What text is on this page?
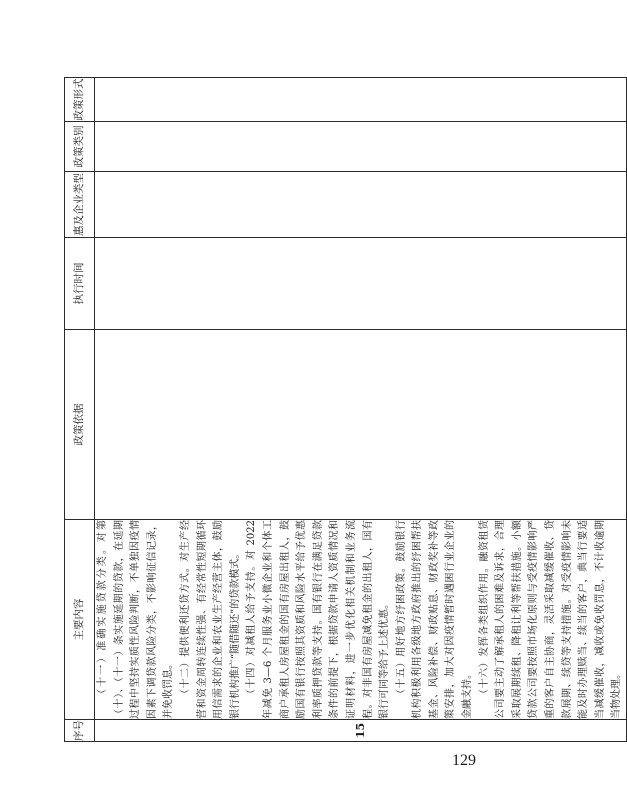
序号	主要内容	政策依据	执行时间	惠及企业类型	政策类别	政策形式
15	（十一）准确实施贷款分类。对第（十）、（十一）条实施延期的贷款，在延期过程中坚持实质性风险判断，不单独因疫情因素下调贷款风险分类，不影响征信记录，并免收罚息。 （十二）提供便利还贷方式。对生产经营和资金周转连续性强、有经常性短期循环用信需求的企业和农业生产经营主体，鼓励银行机构推广“随借随还”的贷款模式。 （十四）对减租人给予支持。对 2022 年减免 3—6 个月服务业小微企业和个体工商户承租人房屋租金的国有房屋出租人，鼓励国有银行按照其资质和风险水平给予优惠利率质押贷款等支持。国有银行在满足贷款条件的前提下，根据贷款申请人资质情况和证明材料，进一步优化相关机制和业务流程。对非国有房屋减免租金的出租人，国有银行可同等给予上述优惠。 （十五）用好地方纾困政策。鼓励银行机构积极利用各级地方政府推出的纾困帮扶基金、风险补偿、财政贴息、财政奖补等政策安排，加大对因疫情暂时遇困行业企业的金融支持。 （十六）发挥各类组织作用。融资租赁公司要主动了解承租人的困难及诉求，合理采取展期续租、降租让利等帮扶措施。小额贷款公司要按照市场化原则与受疫情影响严重的客户自主协商，灵活采取减缓催收、贷款展期、续贷等支持措施。对受疫情影响未能及时办理赎当、续当的客户，典当行要适当减缓催收，减收或免收罚息，不计收逾期当物处理。					

129
